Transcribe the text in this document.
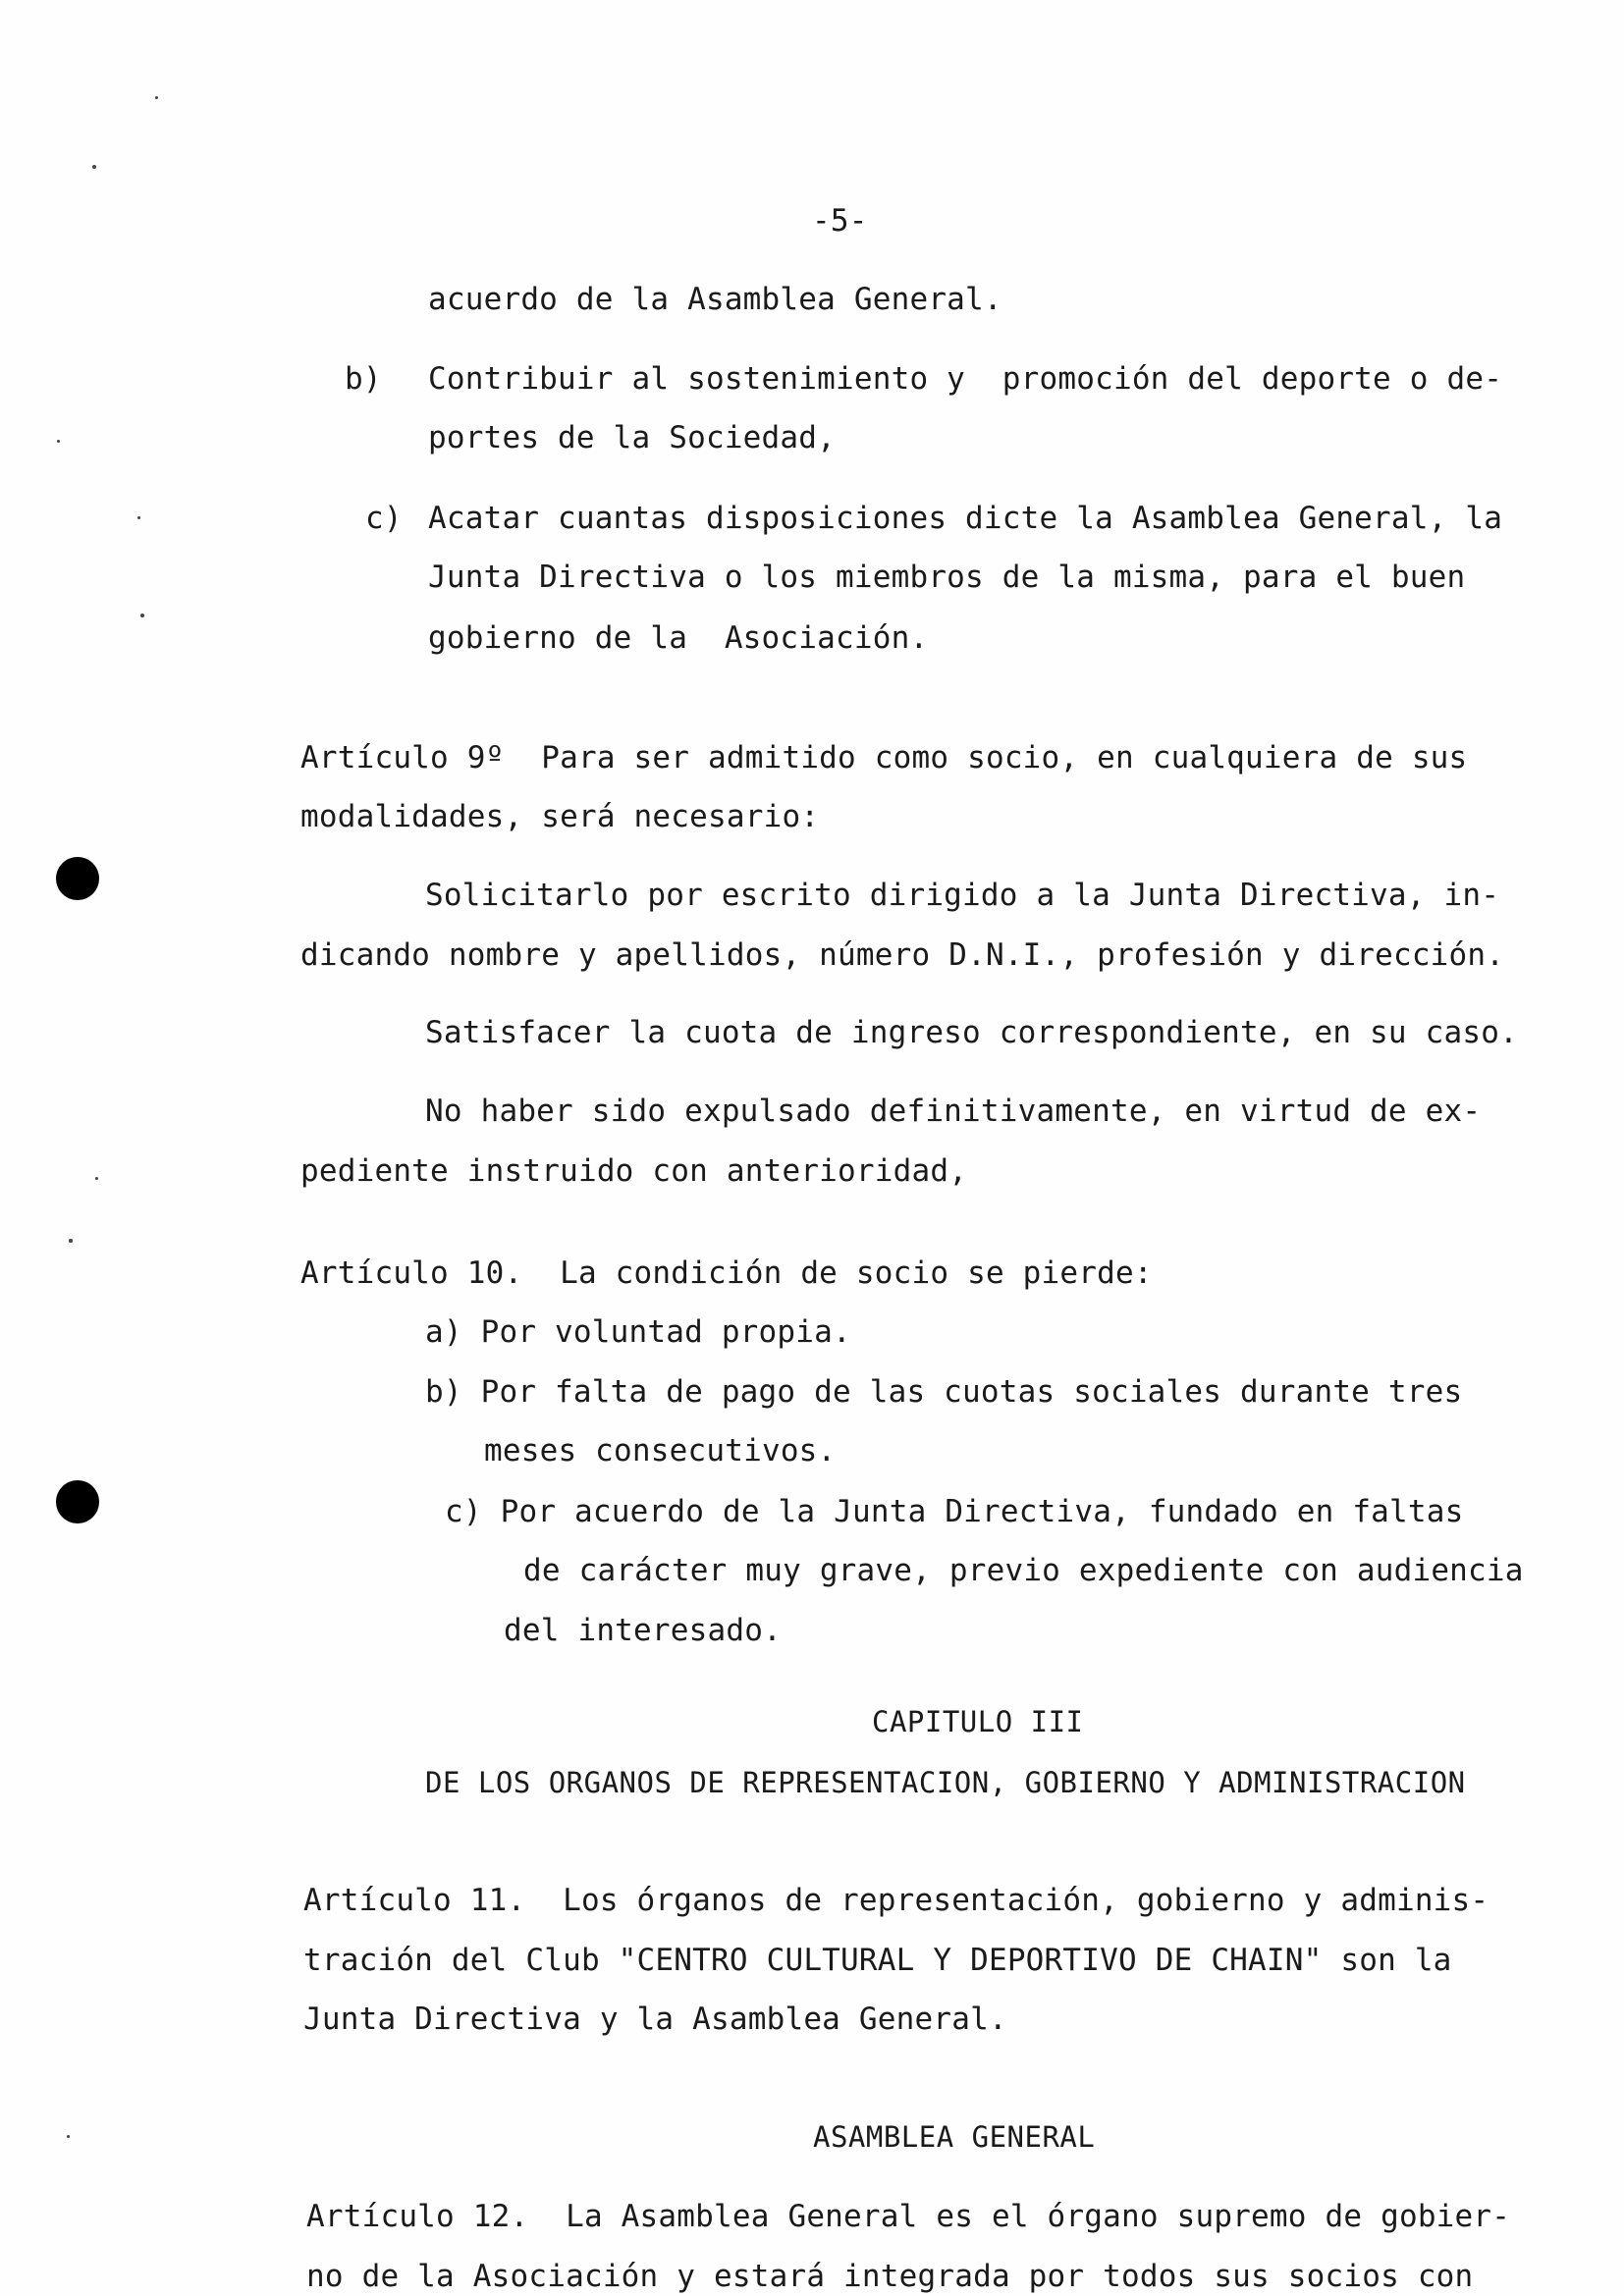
-5-
acuerdo de la Asamblea General.
b) Contribuir al sostenimiento y  promoción del deporte o de-
portes de la Sociedad,
c) Acatar cuantas disposiciones dicte la Asamblea General, la
Junta Directiva o los miembros de la misma, para el buen
gobierno de la  Asociación.
Artículo 9º  Para ser admitido como socio, en cualquiera de sus
modalidades, será necesario:
Solicitarlo por escrito dirigido a la Junta Directiva, in-
dicando nombre y apellidos, número D.N.I., profesión y dirección.
Satisfacer la cuota de ingreso correspondiente, en su caso.
No haber sido expulsado definitivamente, en virtud de ex-
pediente instruido con anterioridad,
Artículo 10.  La condición de socio se pierde:
a) Por voluntad propia.
b) Por falta de pago de las cuotas sociales durante tres
meses consecutivos.
c) Por acuerdo de la Junta Directiva, fundado en faltas
de carácter muy grave, previo expediente con audiencia
del interesado.
CAPITULO III
DE LOS ORGANOS DE REPRESENTACION, GOBIERNO Y ADMINISTRACION
Artículo 11.  Los órganos de representación, gobierno y adminis-
tración del Club "CENTRO CULTURAL Y DEPORTIVO DE CHAIN" son la
Junta Directiva y la Asamblea General.
ASAMBLEA GENERAL
Artículo 12.  La Asamblea General es el órgano supremo de gobier-
no de la Asociación y estará integrada por todos sus socios con
